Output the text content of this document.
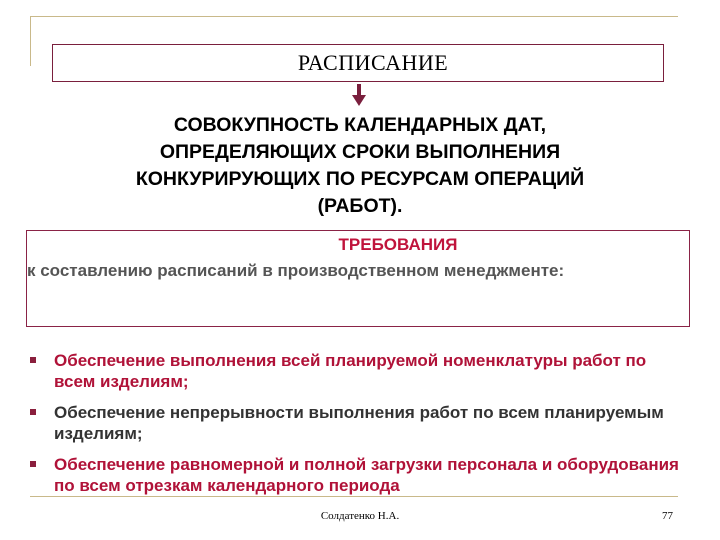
РАСПИСАНИЕ
СОВОКУПНОСТЬ КАЛЕНДАРНЫХ ДАТ,
ОПРЕДЕЛЯЮЩИХ СРОКИ ВЫПОЛНЕНИЯ
КОНКУРИРУЮЩИХ ПО РЕСУРСАМ ОПЕРАЦИЙ
(РАБОТ).
ТРЕБОВАНИЯ
к составлению расписаний в производственном менеджменте:
Обеспечение выполнения всей планируемой номенклатуры работ по всем изделиям;
Обеспечение непрерывности выполнения работ по всем планируемым изделиям;
Обеспечение равномерной и полной загрузки персонала и оборудования по всем отрезкам календарного периода
Солдатенко Н.А.	77
